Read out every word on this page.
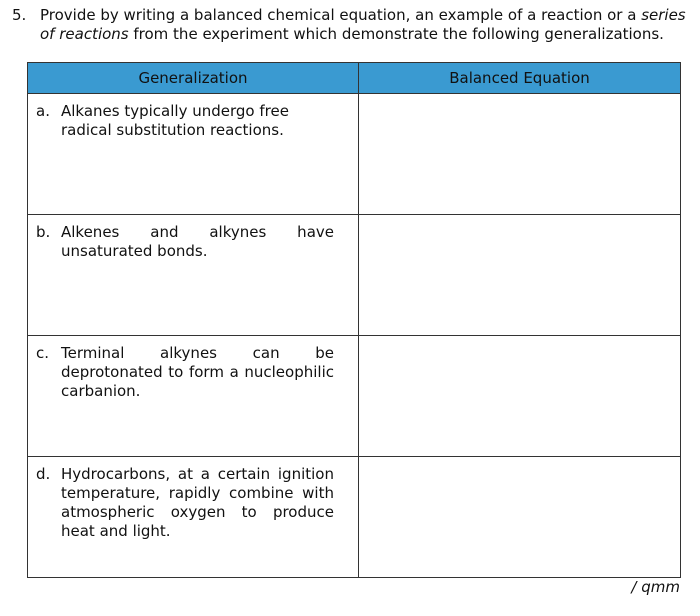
5. Provide by writing a balanced chemical equation, an example of a reaction or a series of reactions from the experiment which demonstrate the following generalizations.
Generalization	Balanced Equation

a. Alkanes typically undergo free radical substitution reactions.	

b. Alkenes and alkynes have unsaturated bonds.	

c. Terminal alkynes can be deprotonated to form a nucleophilic carbanion.	

d. Hydrocarbons, at a certain ignition temperature, rapidly combine with atmospheric oxygen to produce heat and light.	

/ qmm
